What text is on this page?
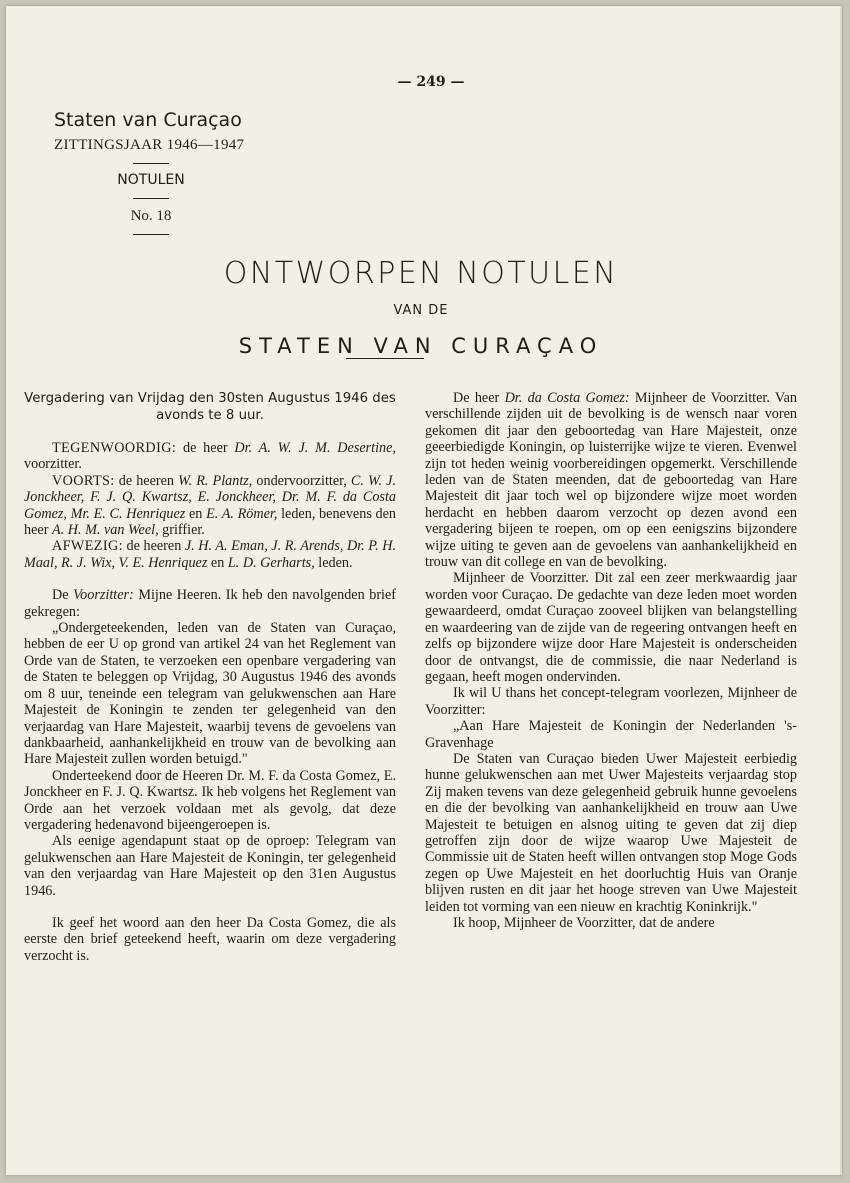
— 249 —
Staten van Curaçao
ZITTINGSJAAR 1946—1947
NOTULEN
No. 18
ONTWORPEN NOTULEN
VAN DE
STATEN VAN CURAÇAO

Vergadering van Vrijdag den 30sten Augustus 1946 des avonds te 8 uur.

TEGENWOORDIG: de heer Dr. A. W. J. M. Desertine, voorzitter.

VOORTS: de heeren W. R. Plantz, ondervoorzitter, C. W. J. Jonckheer, F. J. Q. Kwartsz, E. Jonckheer, Dr. M. F. da Costa Gomez, Mr. E. C. Henriquez en E. A. Römer, leden, benevens den heer A. H. M. van Weel, griffier.

AFWEZIG: de heeren J. H. A. Eman, J. R. Arends, Dr. P. H. Maal, R. J. Wix, V. E. Henriquez en L. D. Gerharts, leden.

De Voorzitter: Mijne Heeren. Ik heb den navolgenden brief gekregen:

„Ondergeteekenden, leden van de Staten van Curaçao, hebben de eer U op grond van artikel 24 van het Reglement van Orde van de Staten, te verzoeken een openbare vergadering van de Staten te beleggen op Vrijdag, 30 Augustus 1946 des avonds om 8 uur, teneinde een telegram van gelukwenschen aan Hare Majesteit de Koningin te zenden ter gelegenheid van den verjaardag van Hare Majesteit, waarbij tevens de gevoelens van dankbaarheid, aanhankelijkheid en trouw van de bevolking aan Hare Majesteit zullen worden betuigd."

Onderteekend door de Heeren Dr. M. F. da Costa Gomez, E. Jonckheer en F. J. Q. Kwartsz. Ik heb volgens het Reglement van Orde aan het verzoek voldaan met als gevolg, dat deze vergadering hedenavond bijeengeroepen is.

Als eenige agendapunt staat op de oproep: Telegram van gelukwenschen aan Hare Majesteit de Koningin, ter gelegenheid van den verjaardag van Hare Majesteit op den 31en Augustus 1946.

Ik geef het woord aan den heer Da Costa Gomez, die als eerste den brief geteekend heeft, waarin om deze vergadering verzocht is.

De heer Dr. da Costa Gomez: Mijnheer de Voorzitter. Van verschillende zijden uit de bevolking is de wensch naar voren gekomen dit jaar den geboortedag van Hare Majesteit, onze geeerbiedigde Koningin, op luisterrijke wijze te vieren. Evenwel zijn tot heden weinig voorbereidingen opgemerkt. Verschillende leden van de Staten meenden, dat de geboortedag van Hare Majesteit dit jaar toch wel op bijzondere wijze moet worden herdacht en hebben daarom verzocht op dezen avond een vergadering bijeen te roepen, om op een eenigszins bijzondere wijze uiting te geven aan de gevoelens van aanhankelijkheid en trouw van dit college en van de bevolking.

Mijnheer de Voorzitter. Dit zal een zeer merkwaardig jaar worden voor Curaçao. De gedachte van deze leden moet worden gewaardeerd, omdat Curaçao zooveel blijken van belangstelling en waardeering van de zijde van de regeering ontvangen heeft en zelfs op bijzondere wijze door Hare Majesteit is onderscheiden door de ontvangst, die de commissie, die naar Nederland is gegaan, heeft mogen ondervinden.

Ik wil U thans het concept-telegram voorlezen, Mijnheer de Voorzitter:

„Aan Hare Majesteit de Koningin der Nederlanden 's-Gravenhage

De Staten van Curaçao bieden Uwer Majesteit eerbiedig hunne gelukwenschen aan met Uwer Majesteits verjaardag stop Zij maken tevens van deze gelegenheid gebruik hunne gevoelens en die der bevolking van aanhankelijkheid en trouw aan Uwe Majesteit te betuigen en alsnog uiting te geven dat zij diep getroffen zijn door de wijze waarop Uwe Majesteit de Commissie uit de Staten heeft willen ontvangen stop Moge Gods zegen op Uwe Majesteit en het doorluchtig Huis van Oranje blijven rusten en dit jaar het hooge streven van Uwe Majesteit leiden tot vorming van een nieuw en krachtig Koninkrijk."

Ik hoop, Mijnheer de Voorzitter, dat de andere
